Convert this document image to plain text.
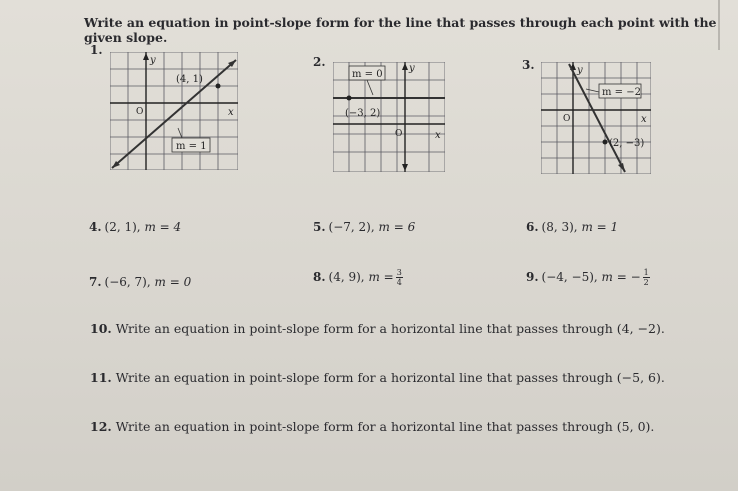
Write an equation in point-slope form for the line that passes through each point with the given slope.
1.
(4, 1)
y
x
O
m = 1
2.
(−3, 2)
y
x
O
m = 0
3.
(2, −3)
y
x
O
m = −2
4. (2, 1), m = 4	5. (−7, 2), m = 6	6. (8, 3), m = 1
7. (−6, 7), m = 0	8. (4, 9), $m = \frac{3}{4}$	9. (−4, −5), m = − $\frac{1}{2}$
10. Write an equation in point-slope form for a horizontal line that passes through (4, −2).
11. Write an equation in point-slope form for a horizontal line that passes through (−5, 6).
12. Write an equation in point-slope form for a horizontal line that passes through (5, 0).
